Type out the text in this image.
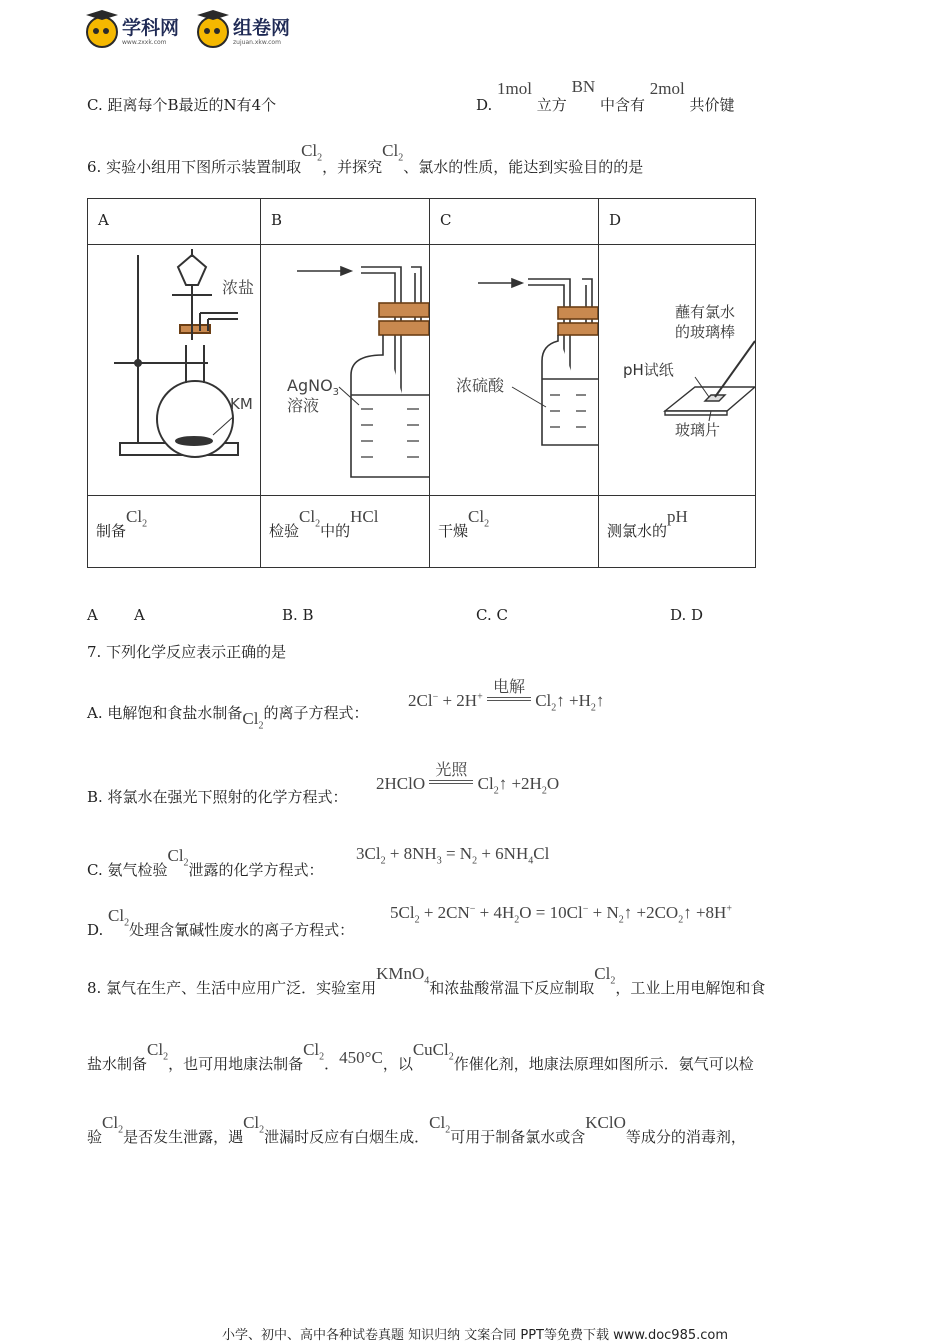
学科网
www.zxxk.com
组卷网
zujuan.xkw.com
C. 距离每个B最近的N有4个	D. 1mol 立方 BN 中含有 2mol 共价键
6. 实验小组用下图所示装置制取$Cl_2$，并探究$Cl_2$、氯水的性质，能达到实验目的的是
A	B	C	D

浓盐
KM	AgNO$_3$
溶液	浓硫酸	蘸有氯水
的玻璃棒
pH试纸
玻璃片

制备$Cl_2$	检验$Cl_2$中的HCl	干燥$Cl_2$	测氯水的pH
A A	B. B	C. C	D. D
7. 下列化学反应表示正确的是
A. 电解饱和食盐水制备$Cl_2$的离子方程式：
2Cl− + 2H+
电解
$Cl_2↑$ $+H_2↑$
B. 将氯水在强光下照射的化学方程式：
2HClO
光照
$Cl_2↑ +2H_2O$
C. 氨气检验$Cl_2$泄露的化学方程式：
$3Cl_2 + 8NH_3 = N_2 + 6NH_4Cl$
D. $Cl_2$处理含氰碱性废水的离子方程式：
$5Cl_2 + 2CN^- + 4H_2O = 10Cl^-$ + $N_2↑$ $+2CO_2↑ +8H^+$
8. 氯气在生产、生活中应用广泛．实验室用KMnO$_4$和浓盐酸常温下反应制取$Cl_2$，工业上用电解饱和食
盐水制备$Cl_2$，也可用地康法制备$Cl_2$．450°C，以CuCl$_2$作催化剂，地康法原理如图所示．氨气可以检
验$Cl_2$是否发生泄露，遇$Cl_2$泄漏时反应有白烟生成．$Cl_2$可用于制备氯水或含KClO等成分的消毒剂，
小学、初中、高中各种试卷真题 知识归纳 文案合同 PPT等免费下载 www.doc985.com
